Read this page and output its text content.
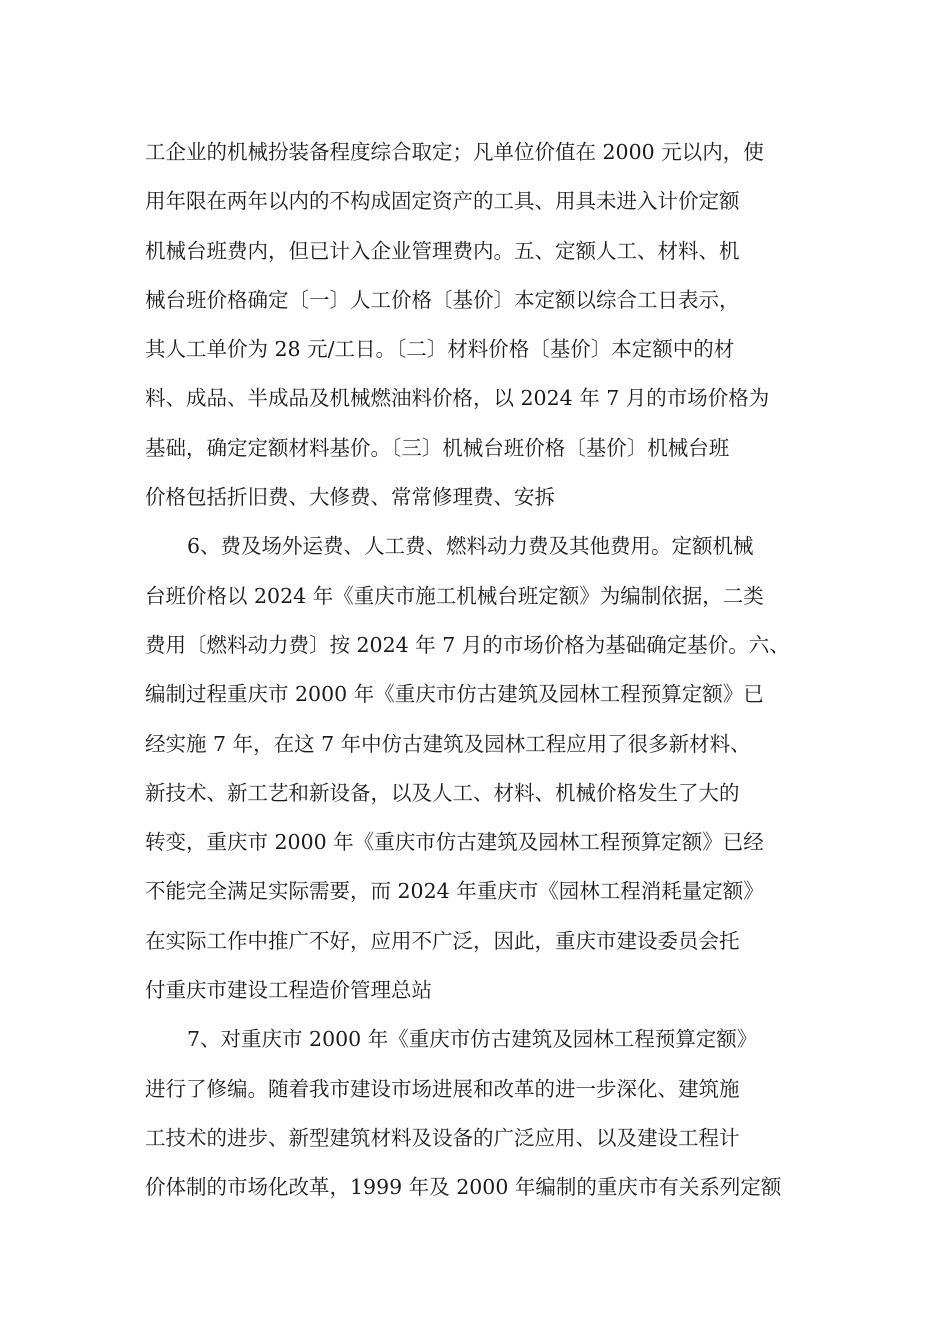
工企业的机械扮装备程度综合取定；凡单位价值在 2000 元以内，使
用年限在两年以内的不构成固定资产的工具、用具未进入计价定额
机械台班费内，但已计入企业管理费内。五、定额人工、材料、机
械台班价格确定〔一〕人工价格〔基价〕本定额以综合工日表示，
其人工单价为 28 元/工日。〔二〕材料价格〔基价〕本定额中的材
料、成品、半成品及机械燃油料价格，以 2024 年 7 月的市场价格为
基础，确定定额材料基价。〔三〕机械台班价格〔基价〕机械台班
价格包括折旧费、大修费、常常修理费、安拆
6、费及场外运费、人工费、燃料动力费及其他费用。定额机械
台班价格以 2024 年《重庆市施工机械台班定额》为编制依据，二类
费用〔燃料动力费〕按 2024 年 7 月的市场价格为基础确定基价。六、
编制过程重庆市 2000 年《重庆市仿古建筑及园林工程预算定额》已
经实施 7 年，在这 7 年中仿古建筑及园林工程应用了很多新材料、
新技术、新工艺和新设备，以及人工、材料、机械价格发生了大的
转变，重庆市 2000 年《重庆市仿古建筑及园林工程预算定额》已经
不能完全满足实际需要，而 2024 年重庆市《园林工程消耗量定额》
在实际工作中推广不好，应用不广泛，因此，重庆市建设委员会托
付重庆市建设工程造价管理总站
7、对重庆市 2000 年《重庆市仿古建筑及园林工程预算定额》
进行了修编。随着我市建设市场进展和改革的进一步深化、建筑施
工技术的进步、新型建筑材料及设备的广泛应用、以及建设工程计
价体制的市场化改革，1999 年及 2000 年编制的重庆市有关系列定额
